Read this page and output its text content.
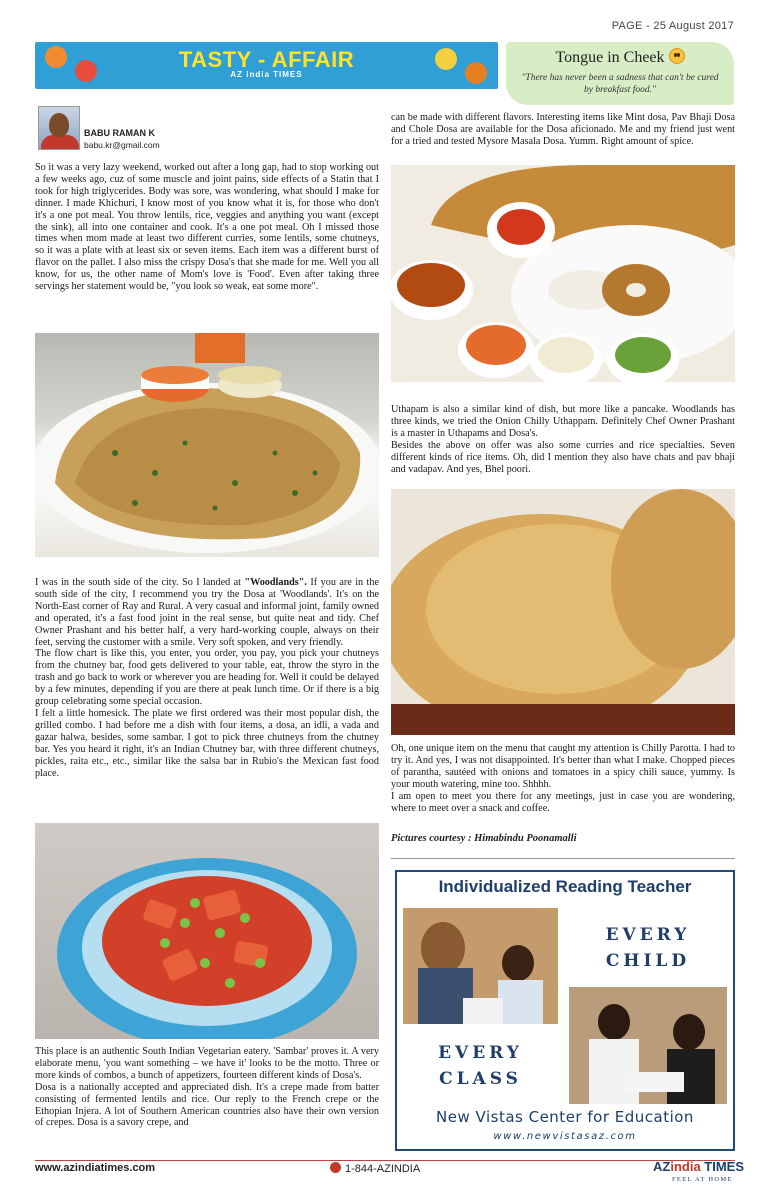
PAGE - 25 August 2017
TASTY - AFFAIR
AZ india TIMES
Tongue in Cheek
"There has never been a sadness that can't be cured by breakfast food."
BABU RAMAN K
babu.kr@gmail.com
So it was a very lazy weekend, worked out after a long gap, had to stop working out a few weeks ago, cuz of some muscle and joint pains, side effects of a Statin that I took for high triglycerides. Body was sore, was wondering, what should I make for dinner. I made Khichuri, I know most of you know what it is, for those who don't it's a one pot meal. You throw lentils, rice, veggies and anything you want (except the sink), all into one container and cook. It's a one pot meal. Oh I missed those times when mom made at least two different curries, some lentils, some chutneys, so it was a plate with at least six or seven items. Each item was a different burst of flavor on the pallet. I also miss the crispy Dosa's that she made for me. Well you all know, for us, the other name of Mom's love is 'Food'. Even after taking three servings her statement would be, "you look so weak, eat some more".

I was in the south side of the city. So I landed at "Woodlands". If you are in the south side of the city, I recommend you try the Dosa at 'Woodlands'. It's on the North-East corner of Ray and Rural. A very casual and informal joint, family owned and operated, it's a fast food joint in the real sense, but quite neat and tidy. Chef Owner Prashant and his better half, a very hard-working couple, always on their feet, serving the customer with a smile. Very soft spoken, and very friendly.

The flow chart is like this, you enter, you order, you pay, you pick your chutneys from the chutney bar, food gets delivered to your table, eat, throw the styro in the trash and go back to work or wherever you are heading for. Well it could be delayed by a few minutes, depending if you are there at peak lunch time. Or if there is a big group celebrating some special occasion.

I felt a little homesick. The plate we first ordered was their most popular dish, the grilled combo. I had before me a dish with four items, a dosa, an idli, a vada and gazar halwa, besides, some sambar. I got to pick three chutneys from the chutney bar. Yes you heard it right, it's an Indian Chutney bar, with three different chutneys, pickles, raita etc., etc., similar like the salsa bar in Rubio's the Mexican fast food place.

This place is an authentic South Indian Vegetarian eatery. 'Sambar' proves it. A very elaborate menu, 'you want something – we have it' looks to be the motto. Three or more kinds of combos, a bunch of appetizers, fourteen different kinds of Dosa's.

Dosa is a nationally accepted and appreciated dish. It's a crepe made from batter consisting of fermented lentils and rice. Our reply to the French crepe or the Ethopian Injera. A lot of Southern American countries also have their own version of crepes. Dosa is a savory crepe, and

can be made with different flavors. Interesting items like Mint dosa, Pav Bhaji Dosa and Chole Dosa are available for the Dosa aficionado. Me and my friend just went for a tried and tested Mysore Masala Dosa. Yumm. Right amount of spice.

Uthapam is also a similar kind of dish, but more like a pancake. Woodlands has three kinds, we tried the Onion Chilly Uthappam. Definitely Chef Owner Prashant is a master in Uthapams and Dosa's.

Besides the above on offer was also some curries and rice specialties. Seven different kinds of rice items. Oh, did I mention they also have chats and pav bhaji and vadapav. And yes, Bhel poori.

Oh, one unique item on the menu that caught my attention is Chilly Parotta. I had to try it. And yes, I was not disappointed. It's better than what I make. Chopped pieces of parantha, sautéed with onions and tomatoes in a spicy chili sauce, yummy. Is your mouth watering, mine too. Shhhh.

I am open to meet you there for any meetings, just in case you are wondering, where to meet over a snack and coffee.

Pictures courtesy : Himabindu Poonamalli
Individualized Reading Teacher
EVERY
CHILD
EVERY
CLASS
New Vistas Center for Education
www.newvistasaz.com
www.azindiatimes.com	1-844-AZINDIA	AZindia TIMES
FEEL AT HOME
